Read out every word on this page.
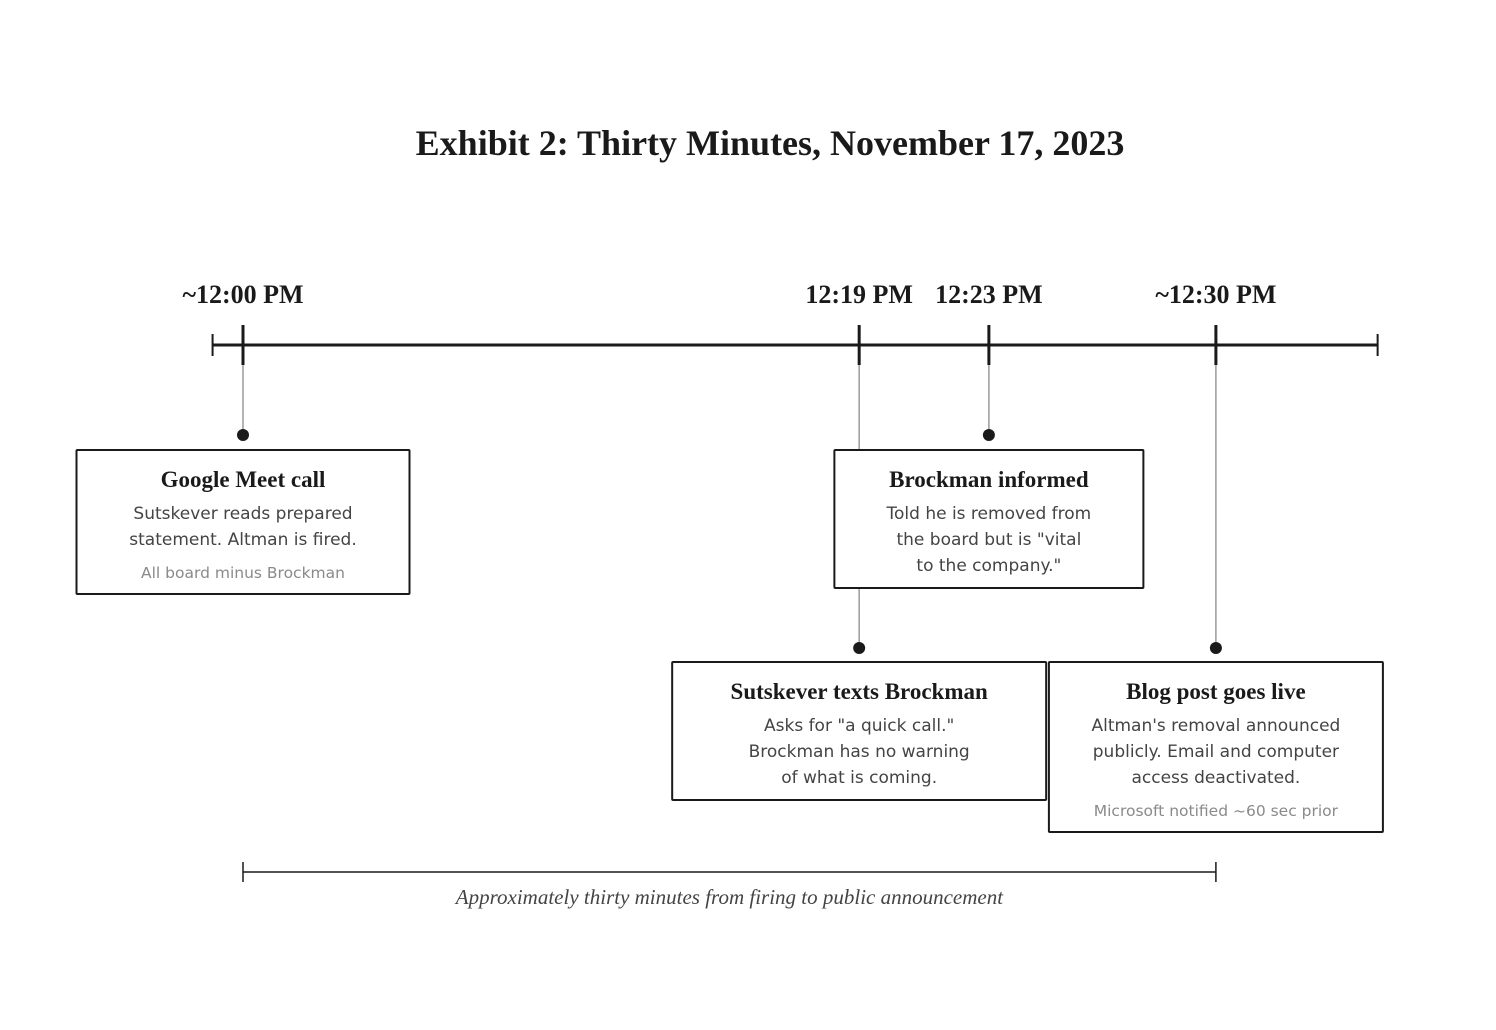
Exhibit 2: Thirty Minutes, November 17, 2023
~12:00 PM	12:19 PM 12:23 PM	~12:30 PM
Google Meet call
Sutskever reads prepared
statement. Altman is fired.
All board minus Brockman
Sutskever texts Brockman
Asks for "a quick call."
Brockman has no warning
of what is coming.
Brockman informed
Told he is removed from
the board but is "vital
to the company."
Blog post goes live
Altman's removal announced
publicly. Email and computer
access deactivated.
Microsoft notified ~60 sec prior
Approximately thirty minutes from firing to public announcement
